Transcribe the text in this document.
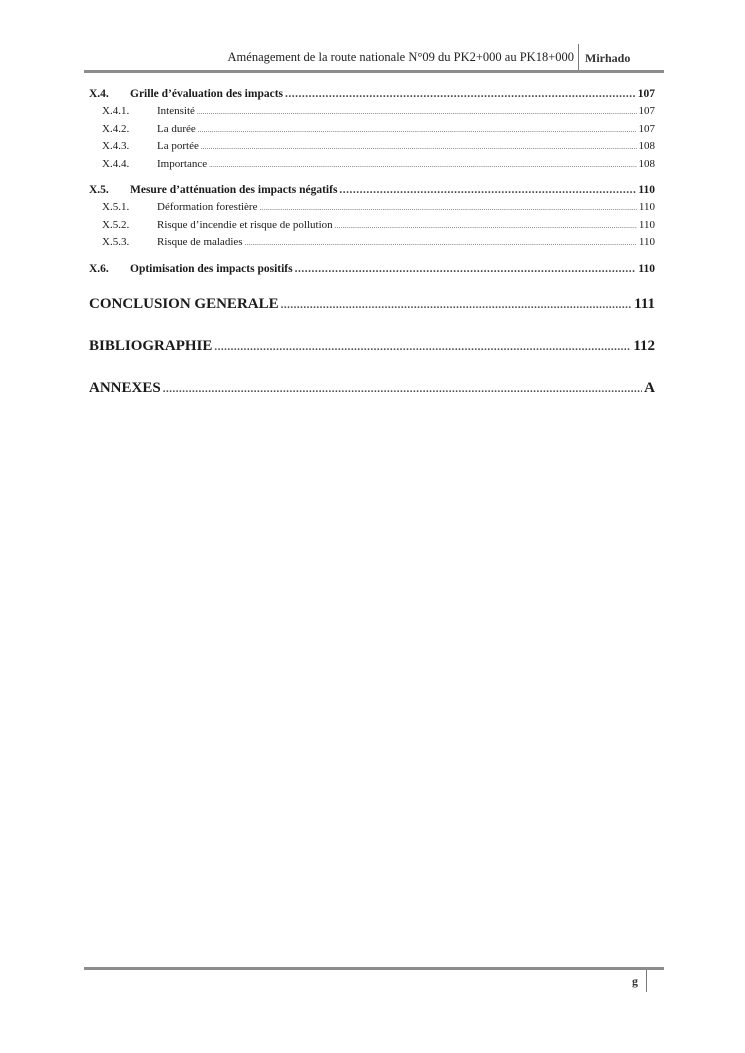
Aménagement de la route nationale N°09 du PK2+000 au PK18+000 Mirhado
X.4.	Grille d’évaluation des impacts .....	107
X.4.1.	Intensité .....	107
X.4.2.	La durée .....	107
X.4.3.	La portée .....	108
X.4.4.	Importance .....	108
X.5.	Mesure d’atténuation des impacts négatifs .....	110
X.5.1.	Déformation forestière .....	110
X.5.2.	Risque d’incendie et risque de pollution .....	110
X.5.3.	Risque de maladies .....	110
X.6.	Optimisation des impacts positifs .....	110
CONCLUSION GENERALE .....	111
BIBLIOGRAPHIE .....	112
ANNEXES .....	A
g
